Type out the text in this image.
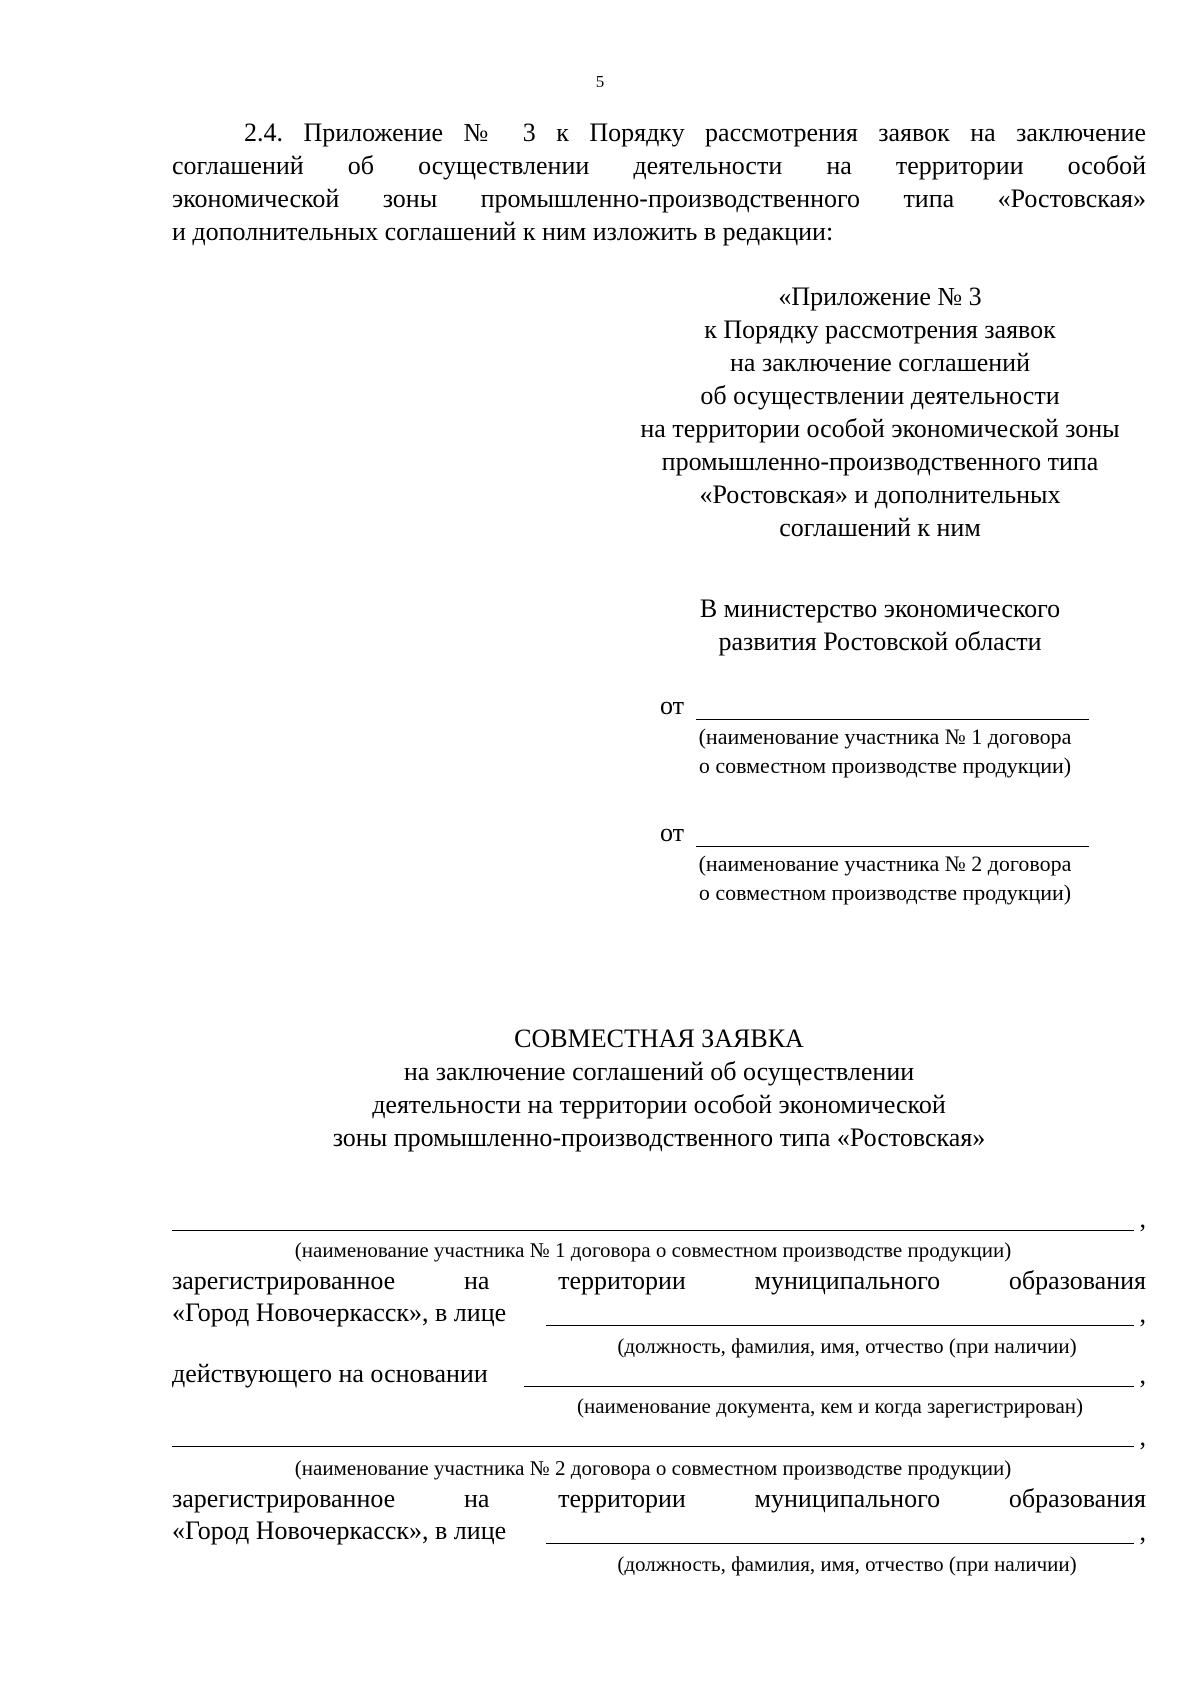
5
2.4. Приложение № 3 к Порядку рассмотрения заявок на заключение
соглашений об осуществлении деятельности на территории особой
экономической зоны промышленно-производственного типа «Ростовская»
и дополнительных соглашений к ним изложить в редакции:
«Приложение № 3
к Порядку рассмотрения заявок
на заключение соглашений
об осуществлении деятельности
на территории особой экономической зоны
промышленно-производственного типа
«Ростовская» и дополнительных
соглашений к ним
В министерство экономического
развития Ростовской области
от
(наименование участника № 1 договора
о совместном производстве продукции)
от
(наименование участника № 2 договора
о совместном производстве продукции)
СОВМЕСТНАЯ ЗАЯВКА
на заключение соглашений об осуществлении
деятельности на территории особой экономической
зоны промышленно-производственного типа «Ростовская»
,
(наименование участника № 1 договора о совместном производстве продукции)
зарегистрированное на территории муниципального образования
«Город Новочеркасск», в лице	,
(должность, фамилия, имя, отчество (при наличии)
действующего на основании	,
(наименование документа, кем и когда зарегистрирован)
,
(наименование участника № 2 договора о совместном производстве продукции)
зарегистрированное на территории муниципального образования
«Город Новочеркасск», в лице	,
(должность, фамилия, имя, отчество (при наличии)
